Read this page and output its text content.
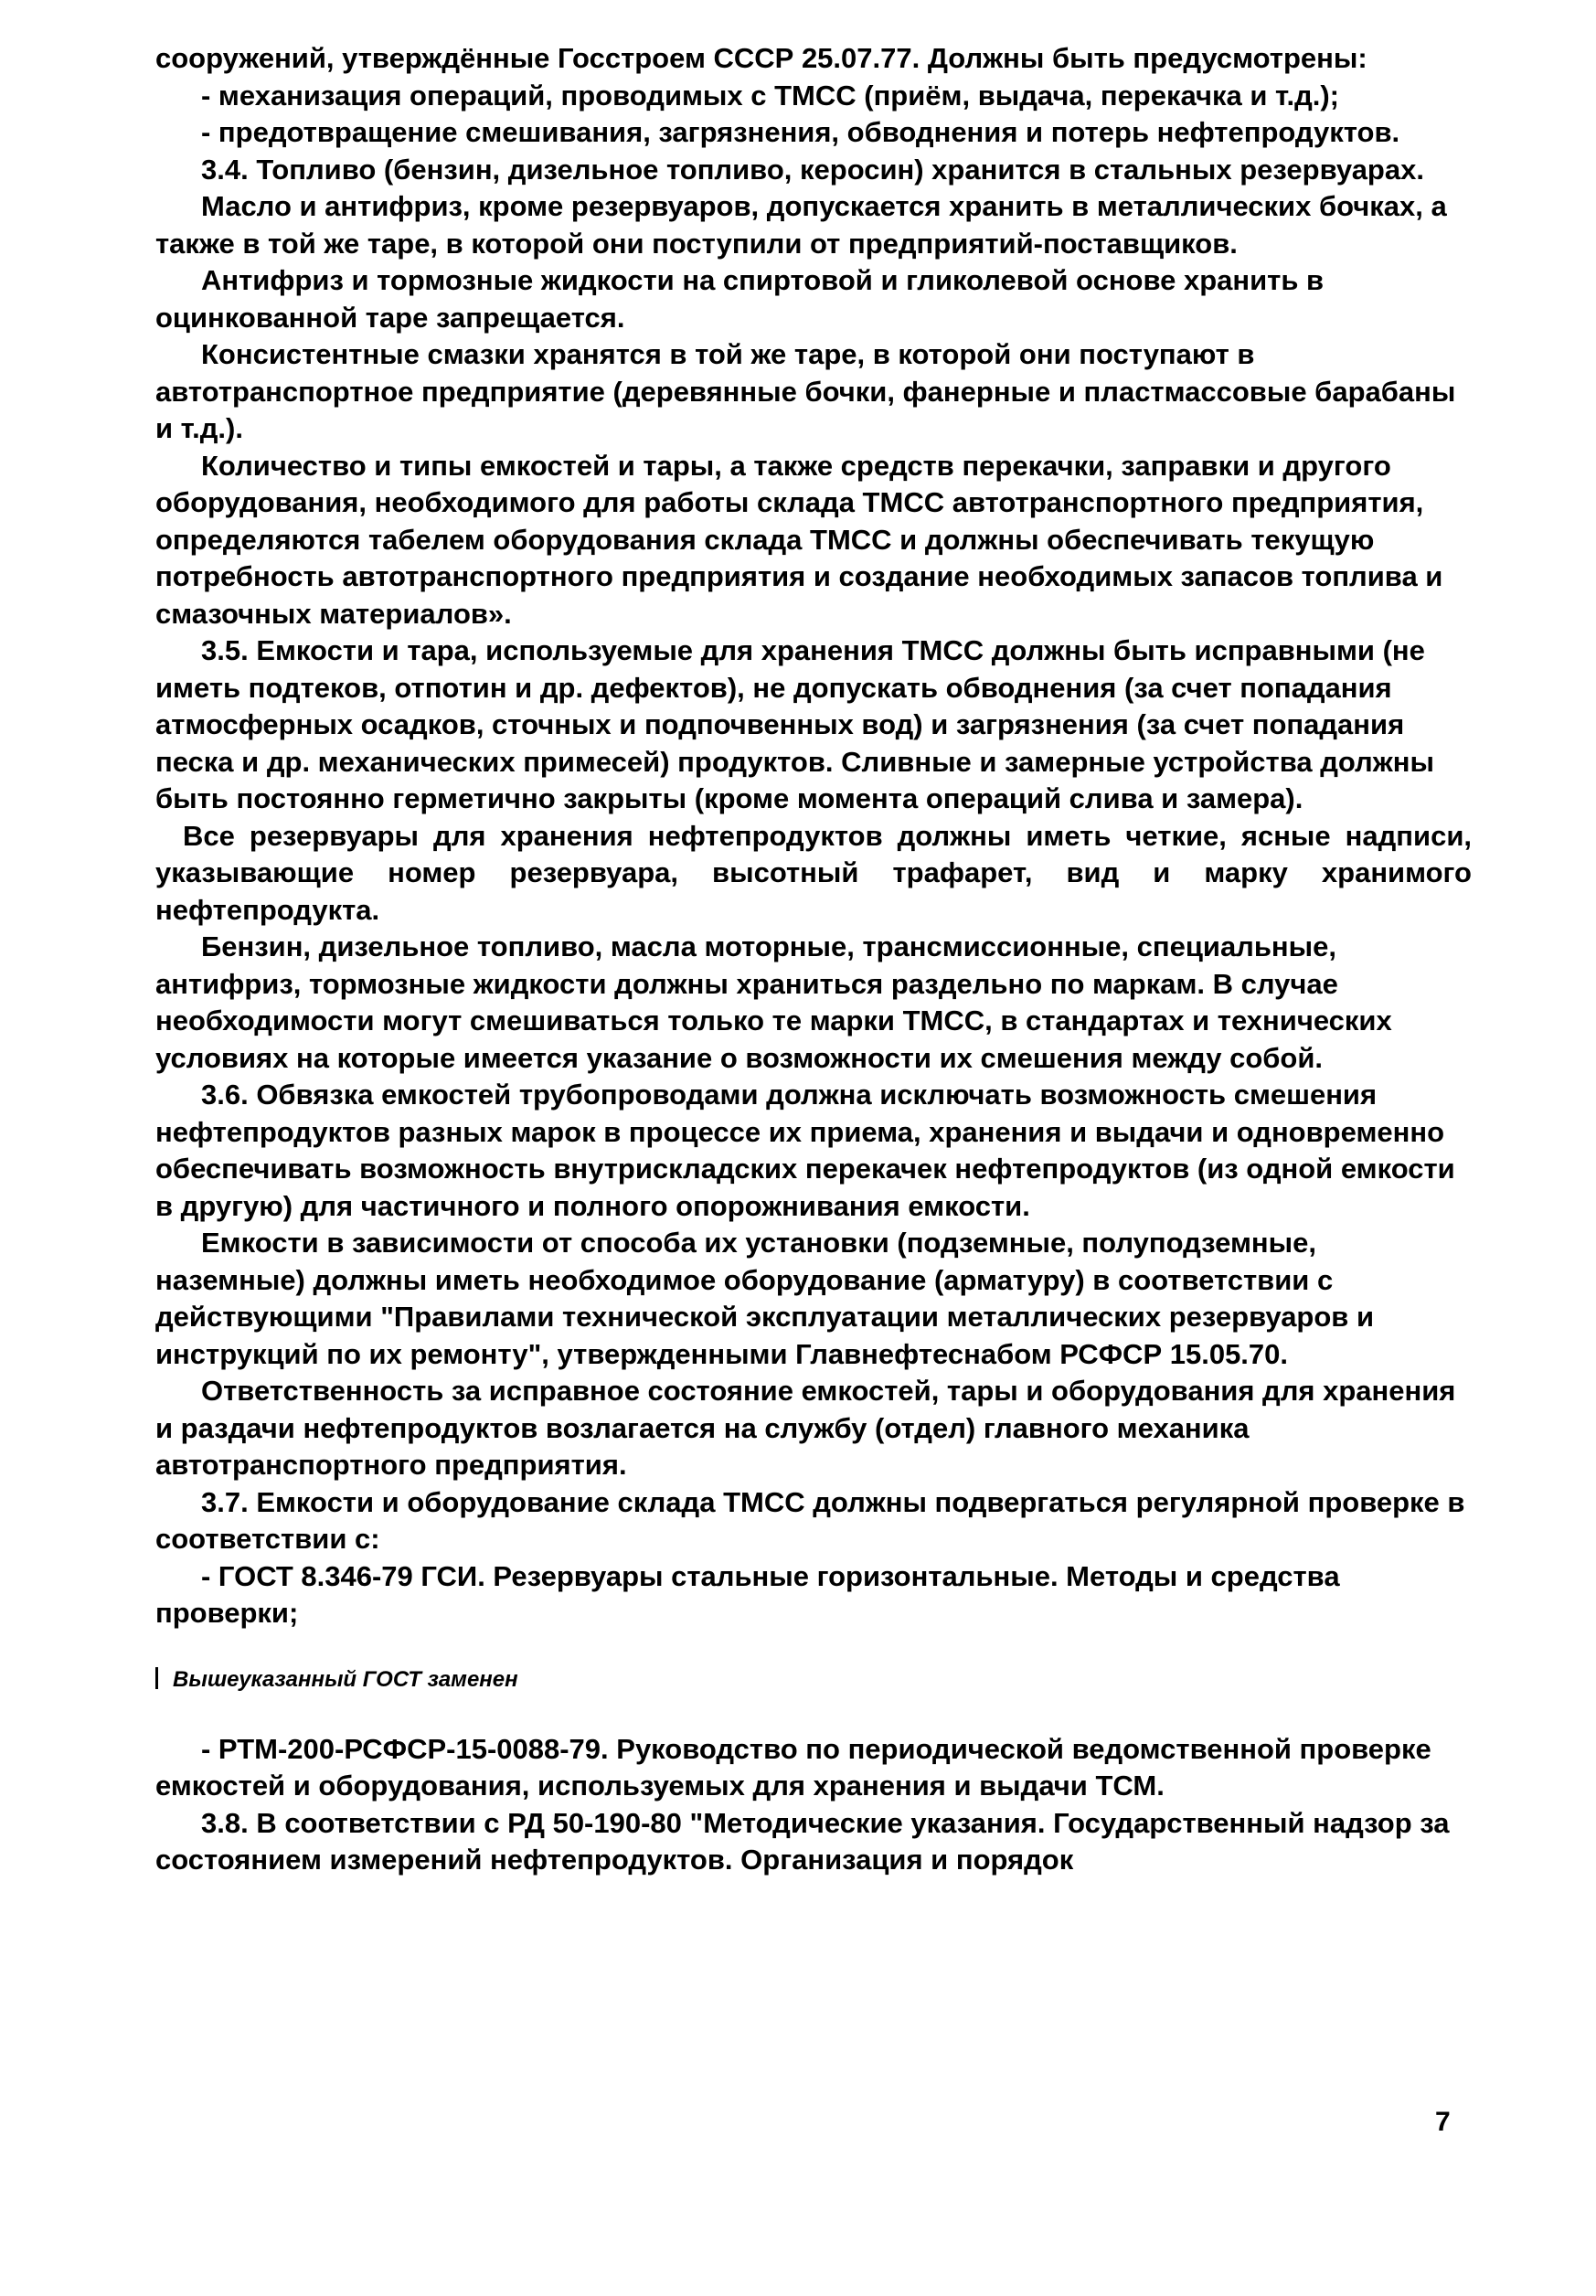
сооружений, утверждённые Госстроем СССР 25.07.77. Должны быть предусмотрены:

- механизация операций, проводимых с ТМСС (приём, выдача, перекачка и т.д.);

- предотвращение смешивания, загрязнения, обводнения и потерь нефтепродуктов.

3.4. Топливо (бензин, дизельное топливо, керосин) хранится в стальных резервуарах.

Масло и антифриз, кроме резервуаров, допускается хранить в металлических бочках, а также в той же таре, в которой они поступили от предприятий-поставщиков.

Антифриз и тормозные жидкости на спиртовой и гликолевой основе хранить в оцинкованной таре запрещается.

Консистентные смазки хранятся в той же таре, в которой они поступают в автотранспортное предприятие (деревянные бочки, фанерные и пластмассовые барабаны и т.д.).

Количество и типы емкостей и тары, а также средств перекачки, заправки и другого оборудования, необходимого для работы склада ТМСС автотранспортного предприятия, определяются табелем оборудования склада ТМСС и должны обеспечивать текущую потребность автотранспортного предприятия и создание необходимых запасов топлива и смазочных материалов».

3.5. Емкости и тара, используемые для хранения ТМСС должны быть исправными (не иметь подтеков, отпотин и др. дефектов), не допускать обводнения (за счет попадания атмосферных осадков, сточных и подпочвенных вод) и загрязнения (за счет попадания песка и др. механических примесей) продуктов. Сливные и замерные устройства должны быть постоянно герметично закрыты (кроме момента операций слива и замера).

Все резервуары для хранения нефтепродуктов должны иметь четкие, ясные надписи, указывающие номер резервуара, высотный трафарет, вид и марку хранимого нефтепродукта.

Бензин, дизельное топливо, масла моторные, трансмиссионные, специальные, антифриз, тормозные жидкости должны храниться раздельно по маркам. В случае необходимости могут смешиваться только те марки ТМСС, в стандартах и технических условиях на которые имеется указание о возможности их смешения между собой.

3.6. Обвязка емкостей трубопроводами должна исключать возможность смешения нефтепродуктов разных марок в процессе их приема, хранения и выдачи и одновременно обеспечивать возможность внутрискладских перекачек нефтепродуктов (из одной емкости в другую) для частичного и полного опорожнивания емкости.

Емкости в зависимости от способа их установки (подземные, полуподземные, наземные) должны иметь необходимое оборудование (арматуру) в соответствии с действующими "Правилами технической эксплуатации металлических резервуаров и инструкций по их ремонту", утвержденными Главнефтеснабом РСФСР 15.05.70.

Ответственность за исправное состояние емкостей, тары и оборудования для хранения и раздачи нефтепродуктов возлагается на службу (отдел) главного механика автотранспортного предприятия.

3.7. Емкости и оборудование склада ТМСС должны подвергаться регулярной проверке в соответствии с:

- ГОСТ 8.346-79 ГСИ. Резервуары стальные горизонтальные. Методы и средства проверки;

Вышеуказанный ГОСТ заменен

- РТМ-200-РСФСР-15-0088-79. Руководство по периодической ведомственной проверке емкостей и оборудования, используемых для хранения и выдачи ТСМ.

3.8. В соответствии с РД 50-190-80 "Методические указания. Государственный надзор за состоянием измерений нефтепродуктов. Организация и порядок

7
